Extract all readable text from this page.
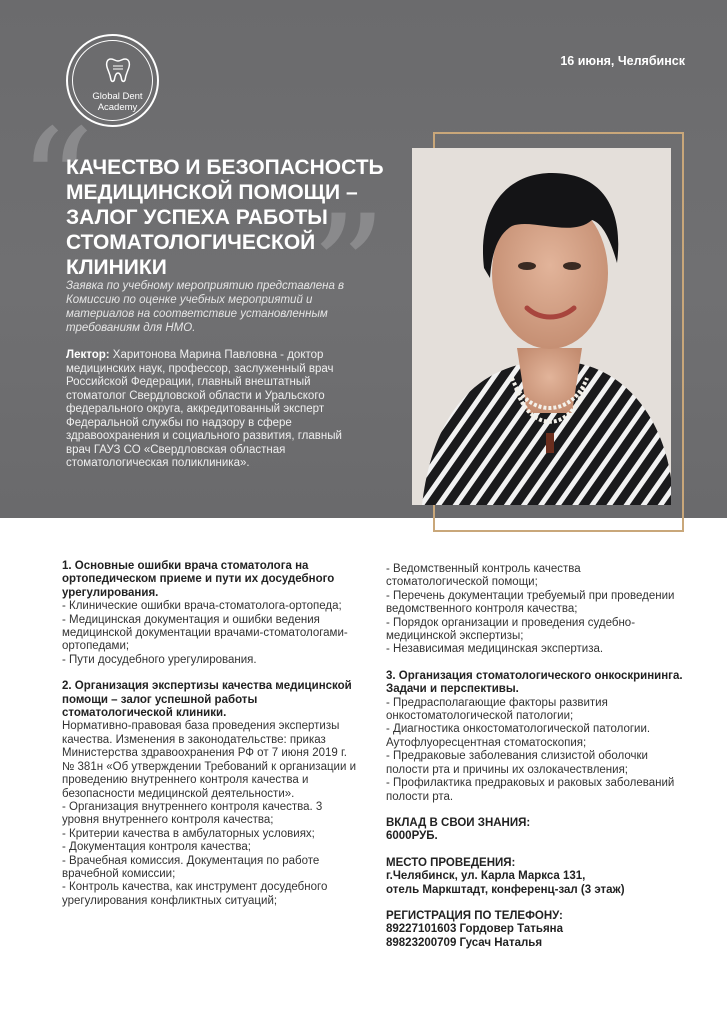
Global Dent
Academy
16 июня, Челябинск
“ ”
КАЧЕСТВО И БЕЗОПАСНОСТЬ МЕДИЦИНСКОЙ ПОМОЩИ – ЗАЛОГ УСПЕХА РАБОТЫ СТОМАТОЛОГИЧЕСКОЙ КЛИНИКИ
Заявка по учебному мероприятию представлена в Комиссию по оценке учебных мероприятий и материалов на соответствие установленным требованиям для НМО.
Лектор: Харитонова Марина Павловна - доктор медицинских наук, профессор, заслуженный врач Российской Федерации, главный внештатный стоматолог Свердловской области и Уральского федерального округа, аккредитованный эксперт Федеральной службы по надзору в сфере здравоохранения и социального развития, главный врач ГАУЗ СО «Свердловская областная стоматологическая поликлиника».
1. Основные ошибки врача стоматолога на ортопедическом приеме и пути их досудебного урегулирования.
- Клинические ошибки врача-стоматолога-ортопеда;
- Медицинская документация и ошибки ведения медицинской документации врачами-стоматологами-ортопедами;
- Пути досудебного урегулирования.
2. Организация экспертизы качества медицинской помощи – залог успешной работы стоматологической клиники.
Нормативно-правовая база проведения экспертизы качества. Изменения в законодательстве: приказ Министерства здравоохранения РФ от 7 июня 2019 г. № 381н «Об утверждении Требований к организации и проведению внутреннего контроля качества и безопасности медицинской деятельности».
- Организация внутреннего контроля качества. 3 уровня внутреннего контроля качества;
- Критерии качества в амбулаторных условиях;
- Документация контроля качества;
- Врачебная комиссия. Документация по работе врачебной комиссии;
- Контроль качества, как инструмент досудебного урегулирования конфликтных ситуаций;
- Ведомственный контроль качества стоматологической помощи;
- Перечень документации требуемый при проведении ведомственного контроля качества;
- Порядок организации и проведения судебно-медицинской экспертизы;
- Независимая медицинская экспертиза.
3. Организация стоматологического онкоскрининга. Задачи и перспективы.
- Предрасполагающие факторы развития онкостоматологической патологии;
- Диагностика онкостоматологической патологии. Аутофлуоресцентная стоматоскопия;
- Предраковые заболевания слизистой оболочки полости рта и причины их озлокачествления;
- Профилактика предраковых и раковых заболеваний полости рта.
ВКЛАД В СВОИ ЗНАНИЯ:
6000РУБ.
МЕСТО ПРОВЕДЕНИЯ:
г.Челябинск, ул. Карла Маркса 131,
отель Маркштадт, конференц-зал (3 этаж)
РЕГИСТРАЦИЯ ПО ТЕЛЕФОНУ:
89227101603 Гордовер Татьяна
89823200709 Гусач Наталья
